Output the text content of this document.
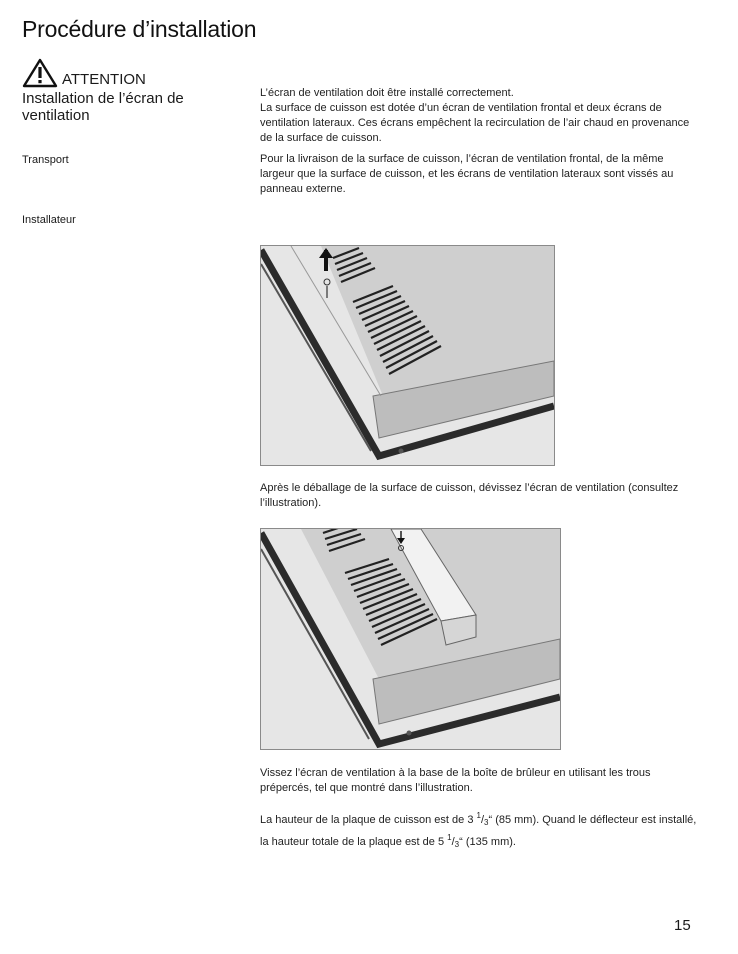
Procédure d’installation
ATTENTION
Installation de l’écran de ventilation
L’écran de ventilation doit être installé correctement.
La surface de cuisson est dotée d’un écran de ventilation frontal et deux écrans de ventilation lateraux. Ces écrans empêchent la recirculation de l’air chaud en provenance de la surface de cuisson.
Transport	Pour la livraison de la surface de cuisson, l’écran de ventilation frontal, de la même largeur que la surface de cuisson, et les écrans de ventilation lateraux sont vissés au panneau externe.
Installateur
Après le déballage de la surface de cuisson, dévissez l’écran de ventilation (consultez l’illustration).
Vissez l’écran de ventilation à la base de la boîte de brûleur en utilisant les trous prépercés, tel que montré dans l’illustration.
La hauteur de la plaque de cuisson est de 3 $^1/_3“$ (85 mm). Quand le déflecteur est installé, la hauteur totale de la plaque est de 5 $^1/_3“$ (135 mm).
15
